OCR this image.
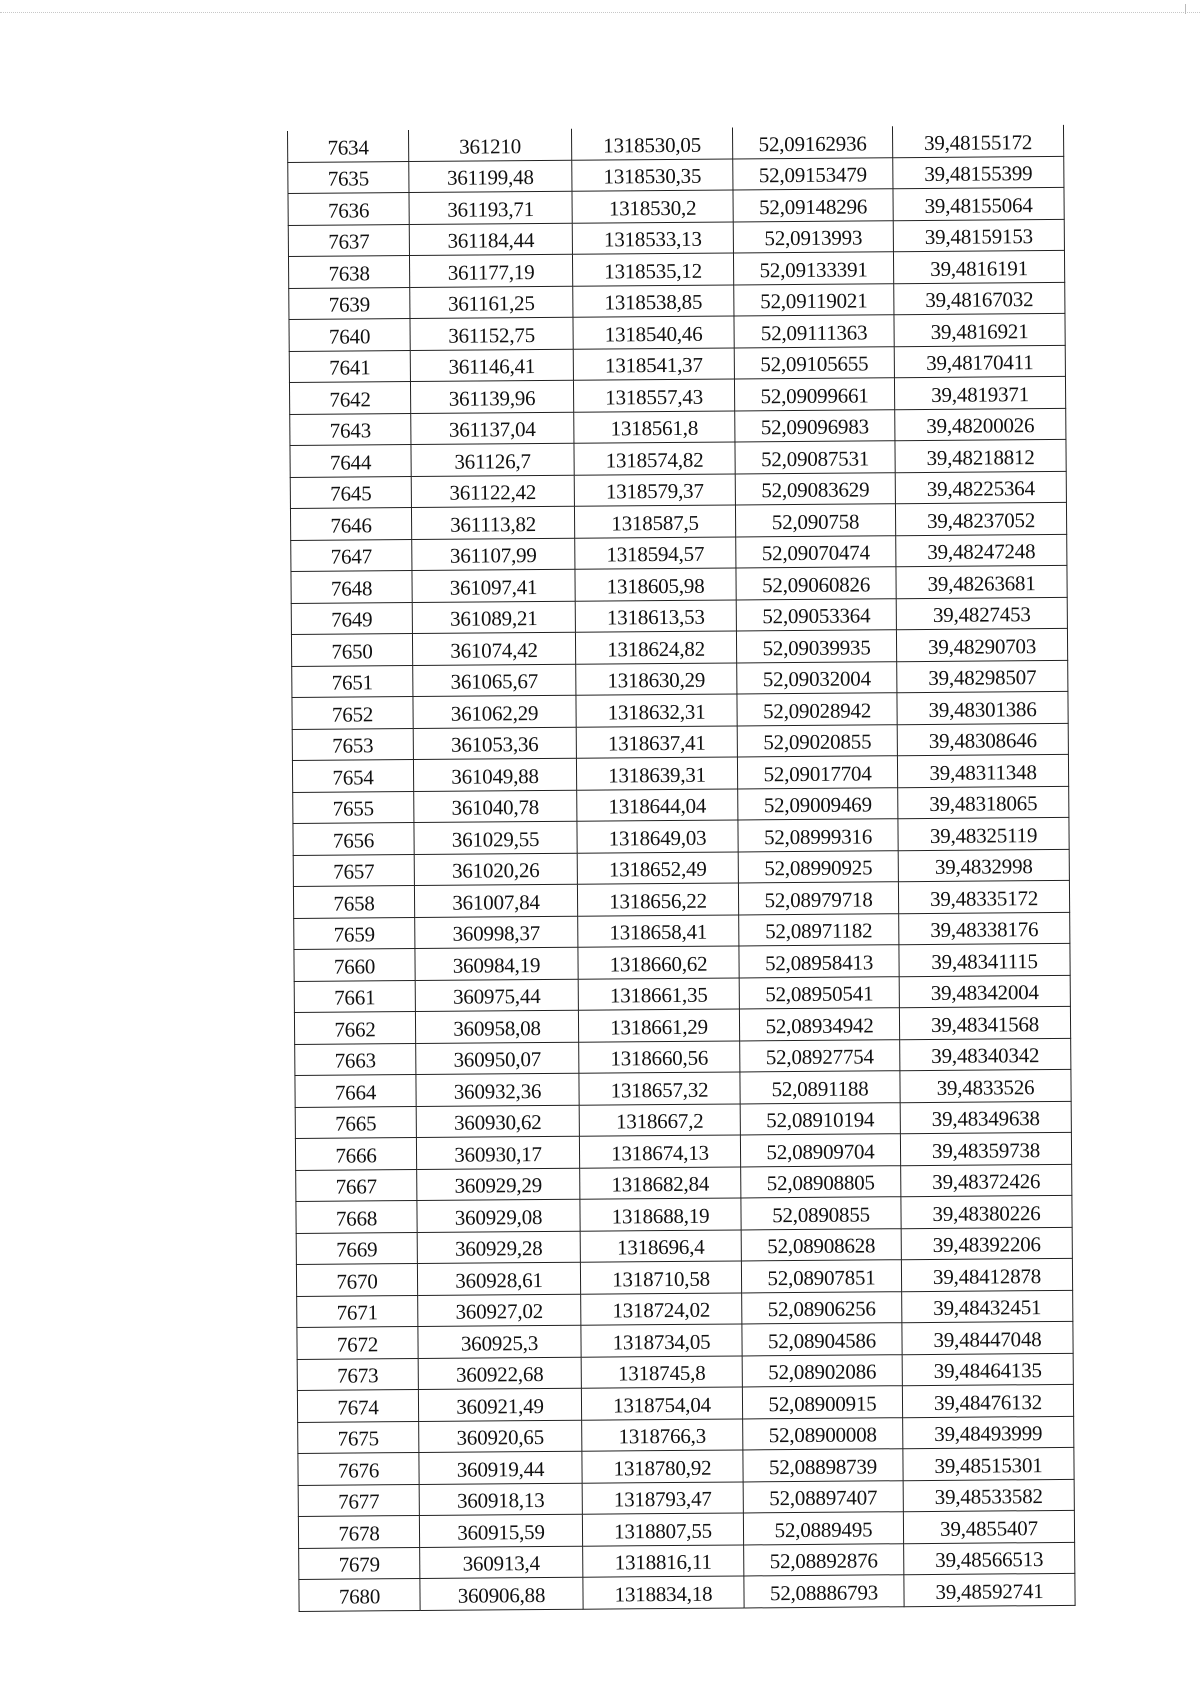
7634	361210	1318530,05	52,09162936	39,48155172
7635	361199,48	1318530,35	52,09153479	39,48155399
7636	361193,71	1318530,2	52,09148296	39,48155064
7637	361184,44	1318533,13	52,0913993	39,48159153
7638	361177,19	1318535,12	52,09133391	39,4816191
7639	361161,25	1318538,85	52,09119021	39,48167032
7640	361152,75	1318540,46	52,09111363	39,4816921
7641	361146,41	1318541,37	52,09105655	39,48170411
7642	361139,96	1318557,43	52,09099661	39,4819371
7643	361137,04	1318561,8	52,09096983	39,48200026
7644	361126,7	1318574,82	52,09087531	39,48218812
7645	361122,42	1318579,37	52,09083629	39,48225364
7646	361113,82	1318587,5	52,090758	39,48237052
7647	361107,99	1318594,57	52,09070474	39,48247248
7648	361097,41	1318605,98	52,09060826	39,48263681
7649	361089,21	1318613,53	52,09053364	39,4827453
7650	361074,42	1318624,82	52,09039935	39,48290703
7651	361065,67	1318630,29	52,09032004	39,48298507
7652	361062,29	1318632,31	52,09028942	39,48301386
7653	361053,36	1318637,41	52,09020855	39,48308646
7654	361049,88	1318639,31	52,09017704	39,48311348
7655	361040,78	1318644,04	52,09009469	39,48318065
7656	361029,55	1318649,03	52,08999316	39,48325119
7657	361020,26	1318652,49	52,08990925	39,4832998
7658	361007,84	1318656,22	52,08979718	39,48335172
7659	360998,37	1318658,41	52,08971182	39,48338176
7660	360984,19	1318660,62	52,08958413	39,48341115
7661	360975,44	1318661,35	52,08950541	39,48342004
7662	360958,08	1318661,29	52,08934942	39,48341568
7663	360950,07	1318660,56	52,08927754	39,48340342
7664	360932,36	1318657,32	52,0891188	39,4833526
7665	360930,62	1318667,2	52,08910194	39,48349638
7666	360930,17	1318674,13	52,08909704	39,48359738
7667	360929,29	1318682,84	52,08908805	39,48372426
7668	360929,08	1318688,19	52,0890855	39,48380226
7669	360929,28	1318696,4	52,08908628	39,48392206
7670	360928,61	1318710,58	52,08907851	39,48412878
7671	360927,02	1318724,02	52,08906256	39,48432451
7672	360925,3	1318734,05	52,08904586	39,48447048
7673	360922,68	1318745,8	52,08902086	39,48464135
7674	360921,49	1318754,04	52,08900915	39,48476132
7675	360920,65	1318766,3	52,08900008	39,48493999
7676	360919,44	1318780,92	52,08898739	39,48515301
7677	360918,13	1318793,47	52,08897407	39,48533582
7678	360915,59	1318807,55	52,0889495	39,4855407
7679	360913,4	1318816,11	52,08892876	39,48566513
7680	360906,88	1318834,18	52,08886793	39,48592741
